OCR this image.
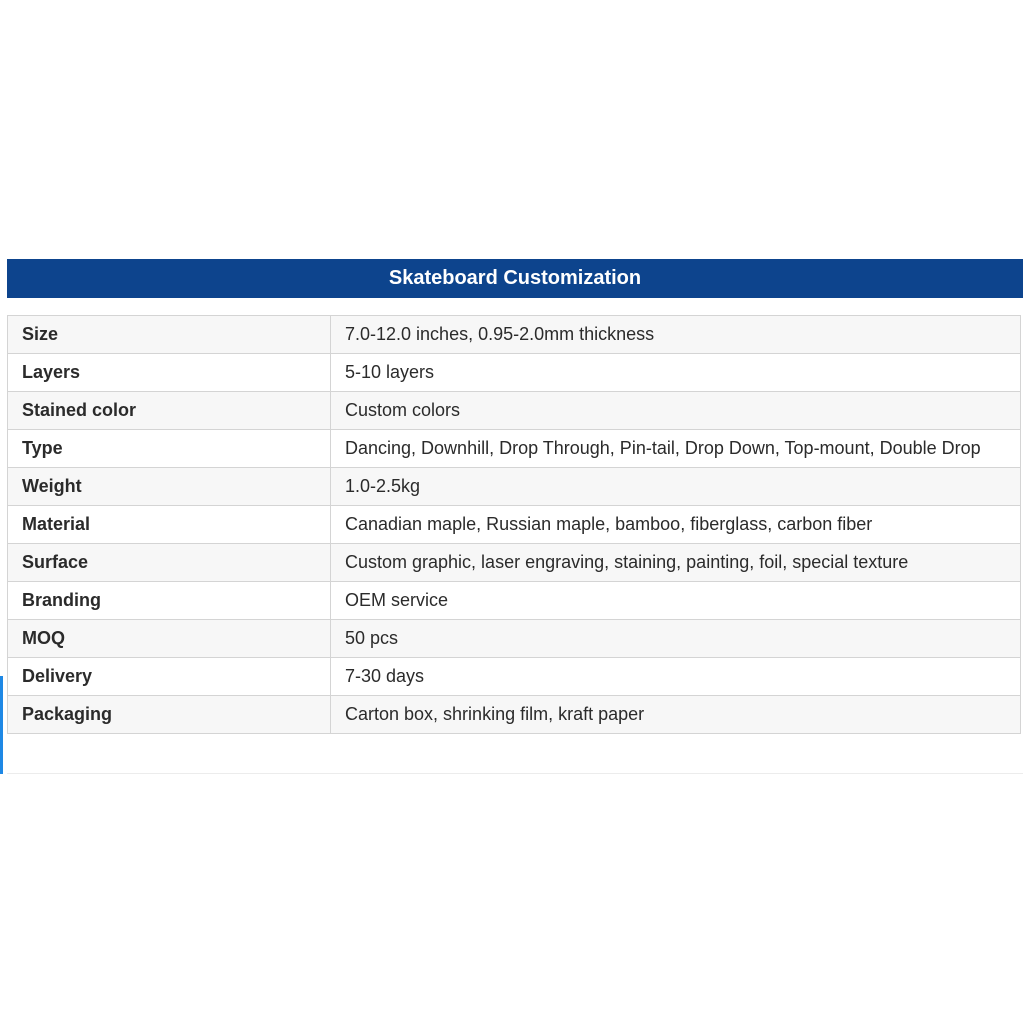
Skateboard Customization
Size	7.0-12.0 inches, 0.95-2.0mm thickness
Layers	5-10 layers
Stained color	Custom colors
Type	Dancing, Downhill, Drop Through, Pin-tail, Drop Down, Top-mount, Double Drop
Weight	1.0-2.5kg
Material	Canadian maple, Russian maple, bamboo, fiberglass, carbon fiber
Surface	Custom graphic, laser engraving, staining, painting, foil, special texture
Branding	OEM service
MOQ	50 pcs
Delivery	7-30 days
Packaging	Carton box, shrinking film, kraft paper
